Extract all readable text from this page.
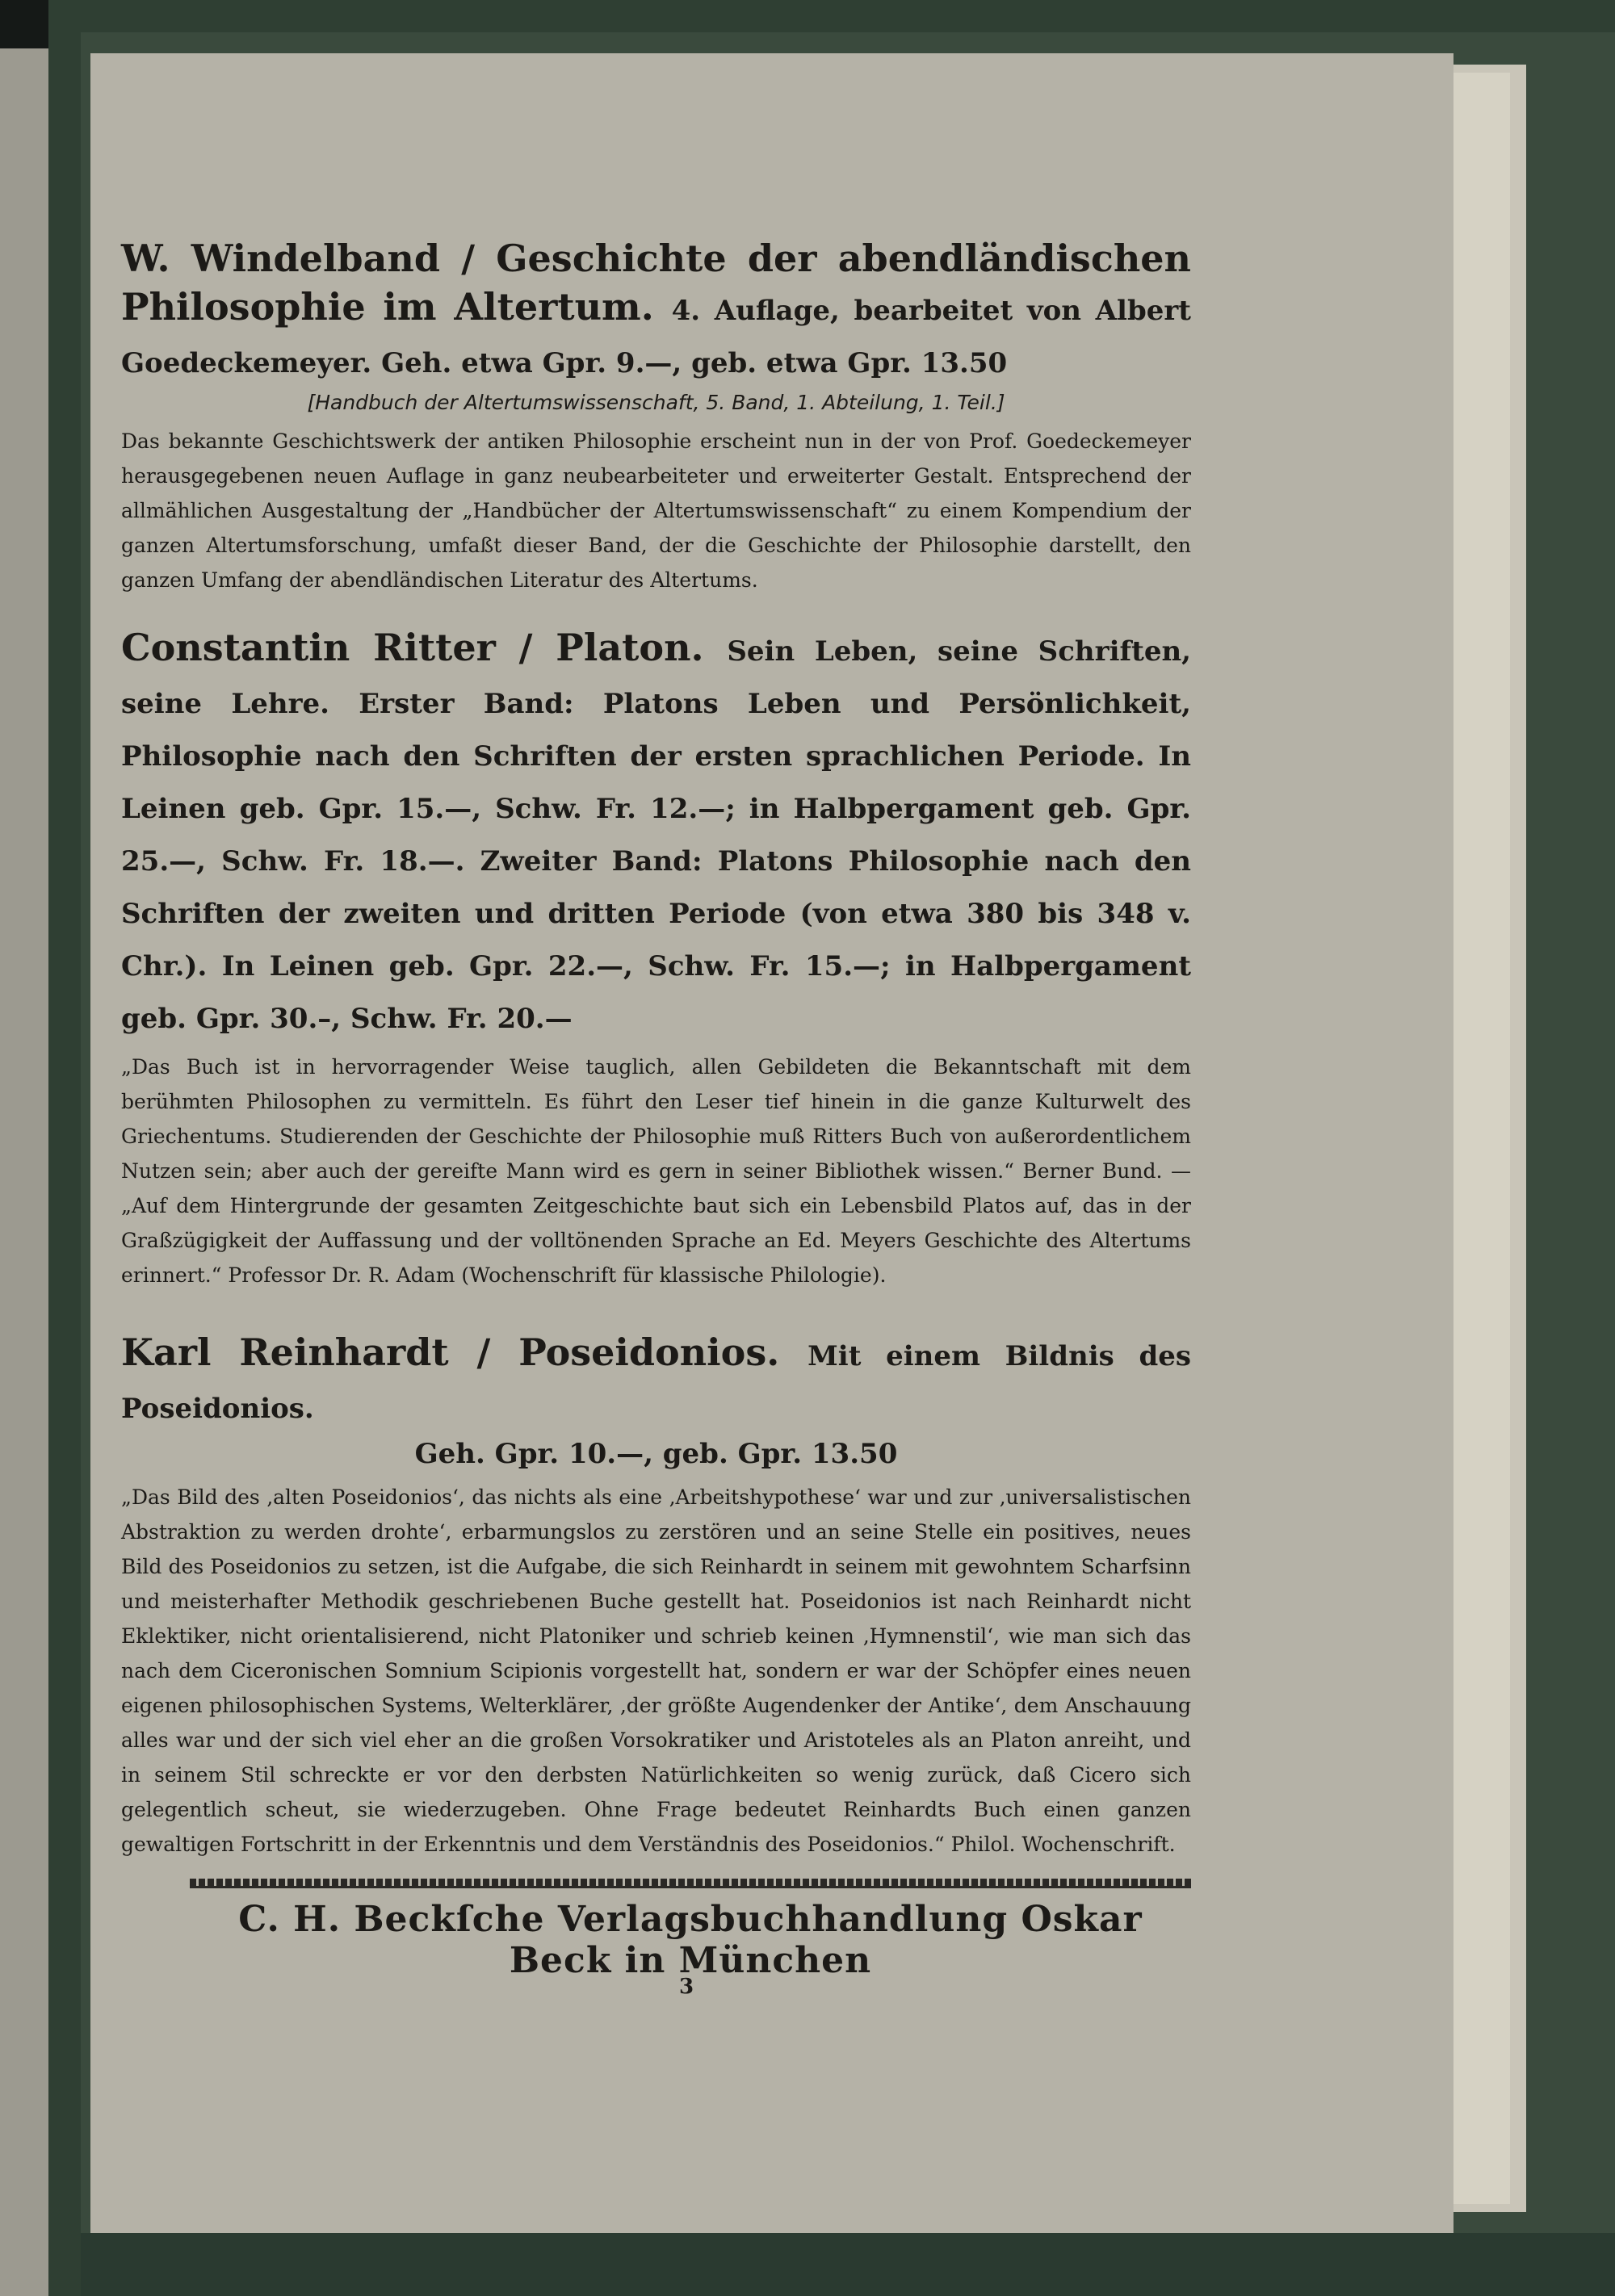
W. Windelband / Geschichte der abendländischen Philosophie im Altertum. 4. Auflage, bearbeitet von Albert Goedeckemeyer. Geh. etwa Gpr. 9.—, geb. etwa Gpr. 13.50

[Handbuch der Altertumswissenschaft, 5. Band, 1. Abteilung, 1. Teil.]

Das bekannte Geschichtswerk der antiken Philosophie erscheint nun in der von Prof. Goedeckemeyer herausgegebenen neuen Auflage in ganz neubearbeiteter und erweiterter Gestalt. Entsprechend der allmählichen Ausgestaltung der „Handbücher der Altertumswissenschaft“ zu einem Kompendium der ganzen Altertumsforschung, umfaßt dieser Band, der die Geschichte der Philosophie darstellt, den ganzen Umfang der abendländischen Literatur des Altertums.

Constantin Ritter / Platon. Sein Leben, seine Schriften, seine Lehre. Erster Band: Platons Leben und Persönlichkeit, Philosophie nach den Schriften der ersten sprachlichen Periode. In Leinen geb. Gpr. 15.—, Schw. Fr. 12.—; in Halbpergament geb. Gpr. 25.—, Schw. Fr. 18.—. Zweiter Band: Platons Philosophie nach den Schriften der zweiten und dritten Periode (von etwa 380 bis 348 v. Chr.). In Leinen geb. Gpr. 22.—, Schw. Fr. 15.—; in Halbpergament geb. Gpr. 30.–, Schw. Fr. 20.—

„Das Buch ist in hervorragender Weise tauglich, allen Gebildeten die Bekanntschaft mit dem berühmten Philosophen zu vermitteln. Es führt den Leser tief hinein in die ganze Kulturwelt des Griechentums. Studierenden der Geschichte der Philosophie muß Ritters Buch von außerordentlichem Nutzen sein; aber auch der gereifte Mann wird es gern in seiner Bibliothek wissen.“ Berner Bund. — „Auf dem Hintergrunde der gesamten Zeitgeschichte baut sich ein Lebensbild Platos auf, das in der Graßzügigkeit der Auffassung und der volltönenden Sprache an Ed. Meyers Geschichte des Altertums erinnert.“ Professor Dr. R. Adam (Wochenschrift für klassische Philologie).

Karl Reinhardt / Poseidonios. Mit einem Bildnis des Poseidonios.

Geh. Gpr. 10.—, geb. Gpr. 13.50

„Das Bild des ‚alten Poseidonios‘, das nichts als eine ‚Arbeitshypothese‘ war und zur ‚universalistischen Abstraktion zu werden drohte‘, erbarmungslos zu zerstören und an seine Stelle ein positives, neues Bild des Poseidonios zu setzen, ist die Aufgabe, die sich Reinhardt in seinem mit gewohntem Scharfsinn und meisterhafter Methodik geschriebenen Buche gestellt hat. Poseidonios ist nach Reinhardt nicht Eklektiker, nicht orientalisierend, nicht Platoniker und schrieb keinen ‚Hymnenstil‘, wie man sich das nach dem Ciceronischen Somnium Scipionis vorgestellt hat, sondern er war der Schöpfer eines neuen eigenen philosophischen Systems, Welterklärer, ‚der größte Augendenker der Antike‘, dem Anschauung alles war und der sich viel eher an die großen Vorsokratiker und Aristoteles als an Platon anreiht, und in seinem Stil schreckte er vor den derbsten Natürlichkeiten so wenig zurück, daß Cicero sich gelegentlich scheut, sie wiederzugeben. Ohne Frage bedeutet Reinhardts Buch einen ganzen gewaltigen Fortschritt in der Erkenntnis und dem Verständnis des Poseidonios.“ Philol. Wochenschrift.

C. H. Beckſche Verlagsbuchhandlung Oskar Beck in München
3
